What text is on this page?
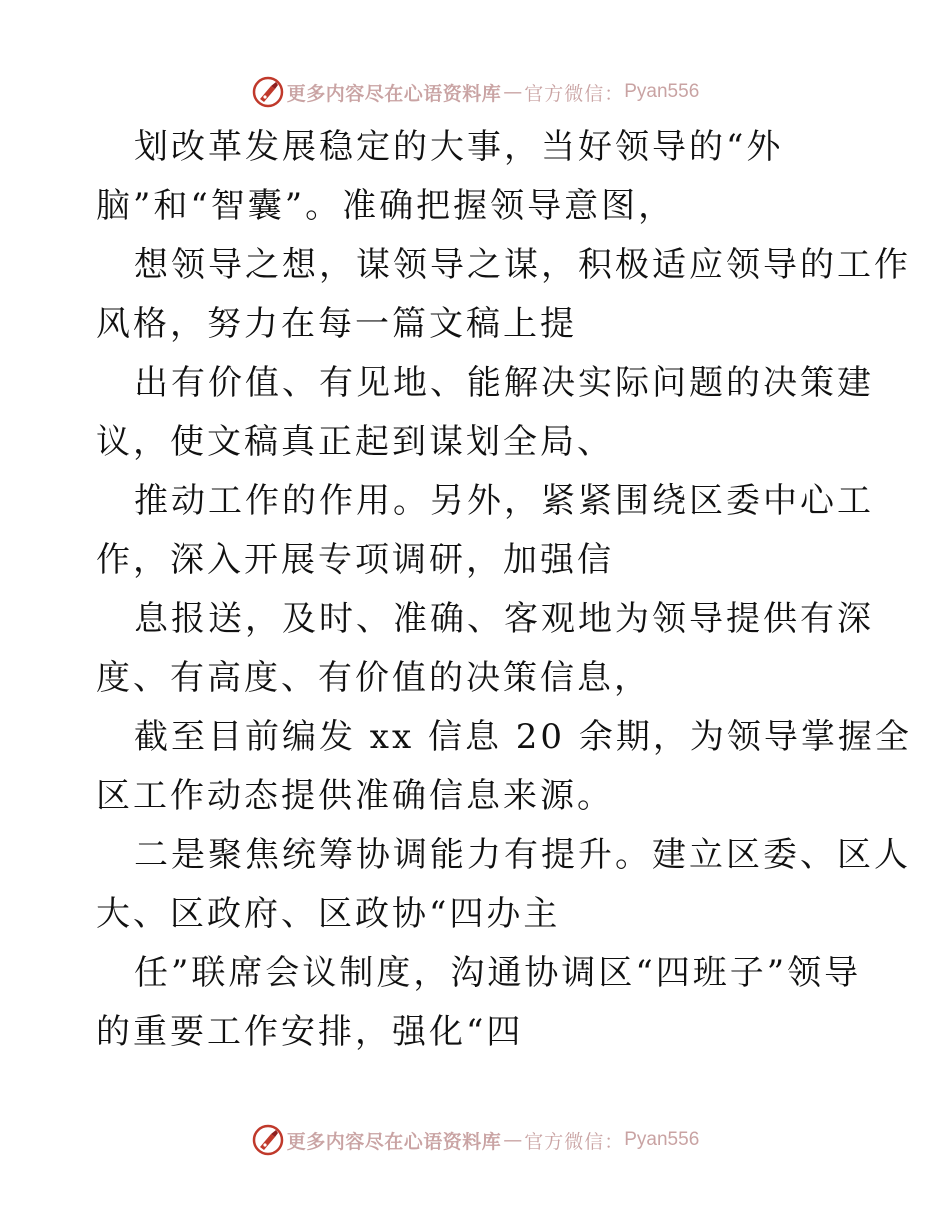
更多内容尽在心语资料库 — 官方微信： Pyan556

划改革发展稳定的大事，当好领导的“外

脑”和“智囊”。准确把握领导意图，

想领导之想，谋领导之谋，积极适应领导的工作

风格，努力在每一篇文稿上提

出有价值、有见地、能解决实际问题的决策建

议，使文稿真正起到谋划全局、

推动工作的作用。另外，紧紧围绕区委中心工

作，深入开展专项调研，加强信

息报送，及时、准确、客观地为领导提供有深

度、有高度、有价值的决策信息，

截至目前编发 xx 信息 20 余期，为领导掌握全

区工作动态提供准确信息来源。

二是聚焦统筹协调能力有提升。建立区委、区人

大、区政府、区政协“四办主

任”联席会议制度，沟通协调区“四班子”领导

的重要工作安排，强化“四

更多内容尽在心语资料库 — 官方微信： Pyan556
